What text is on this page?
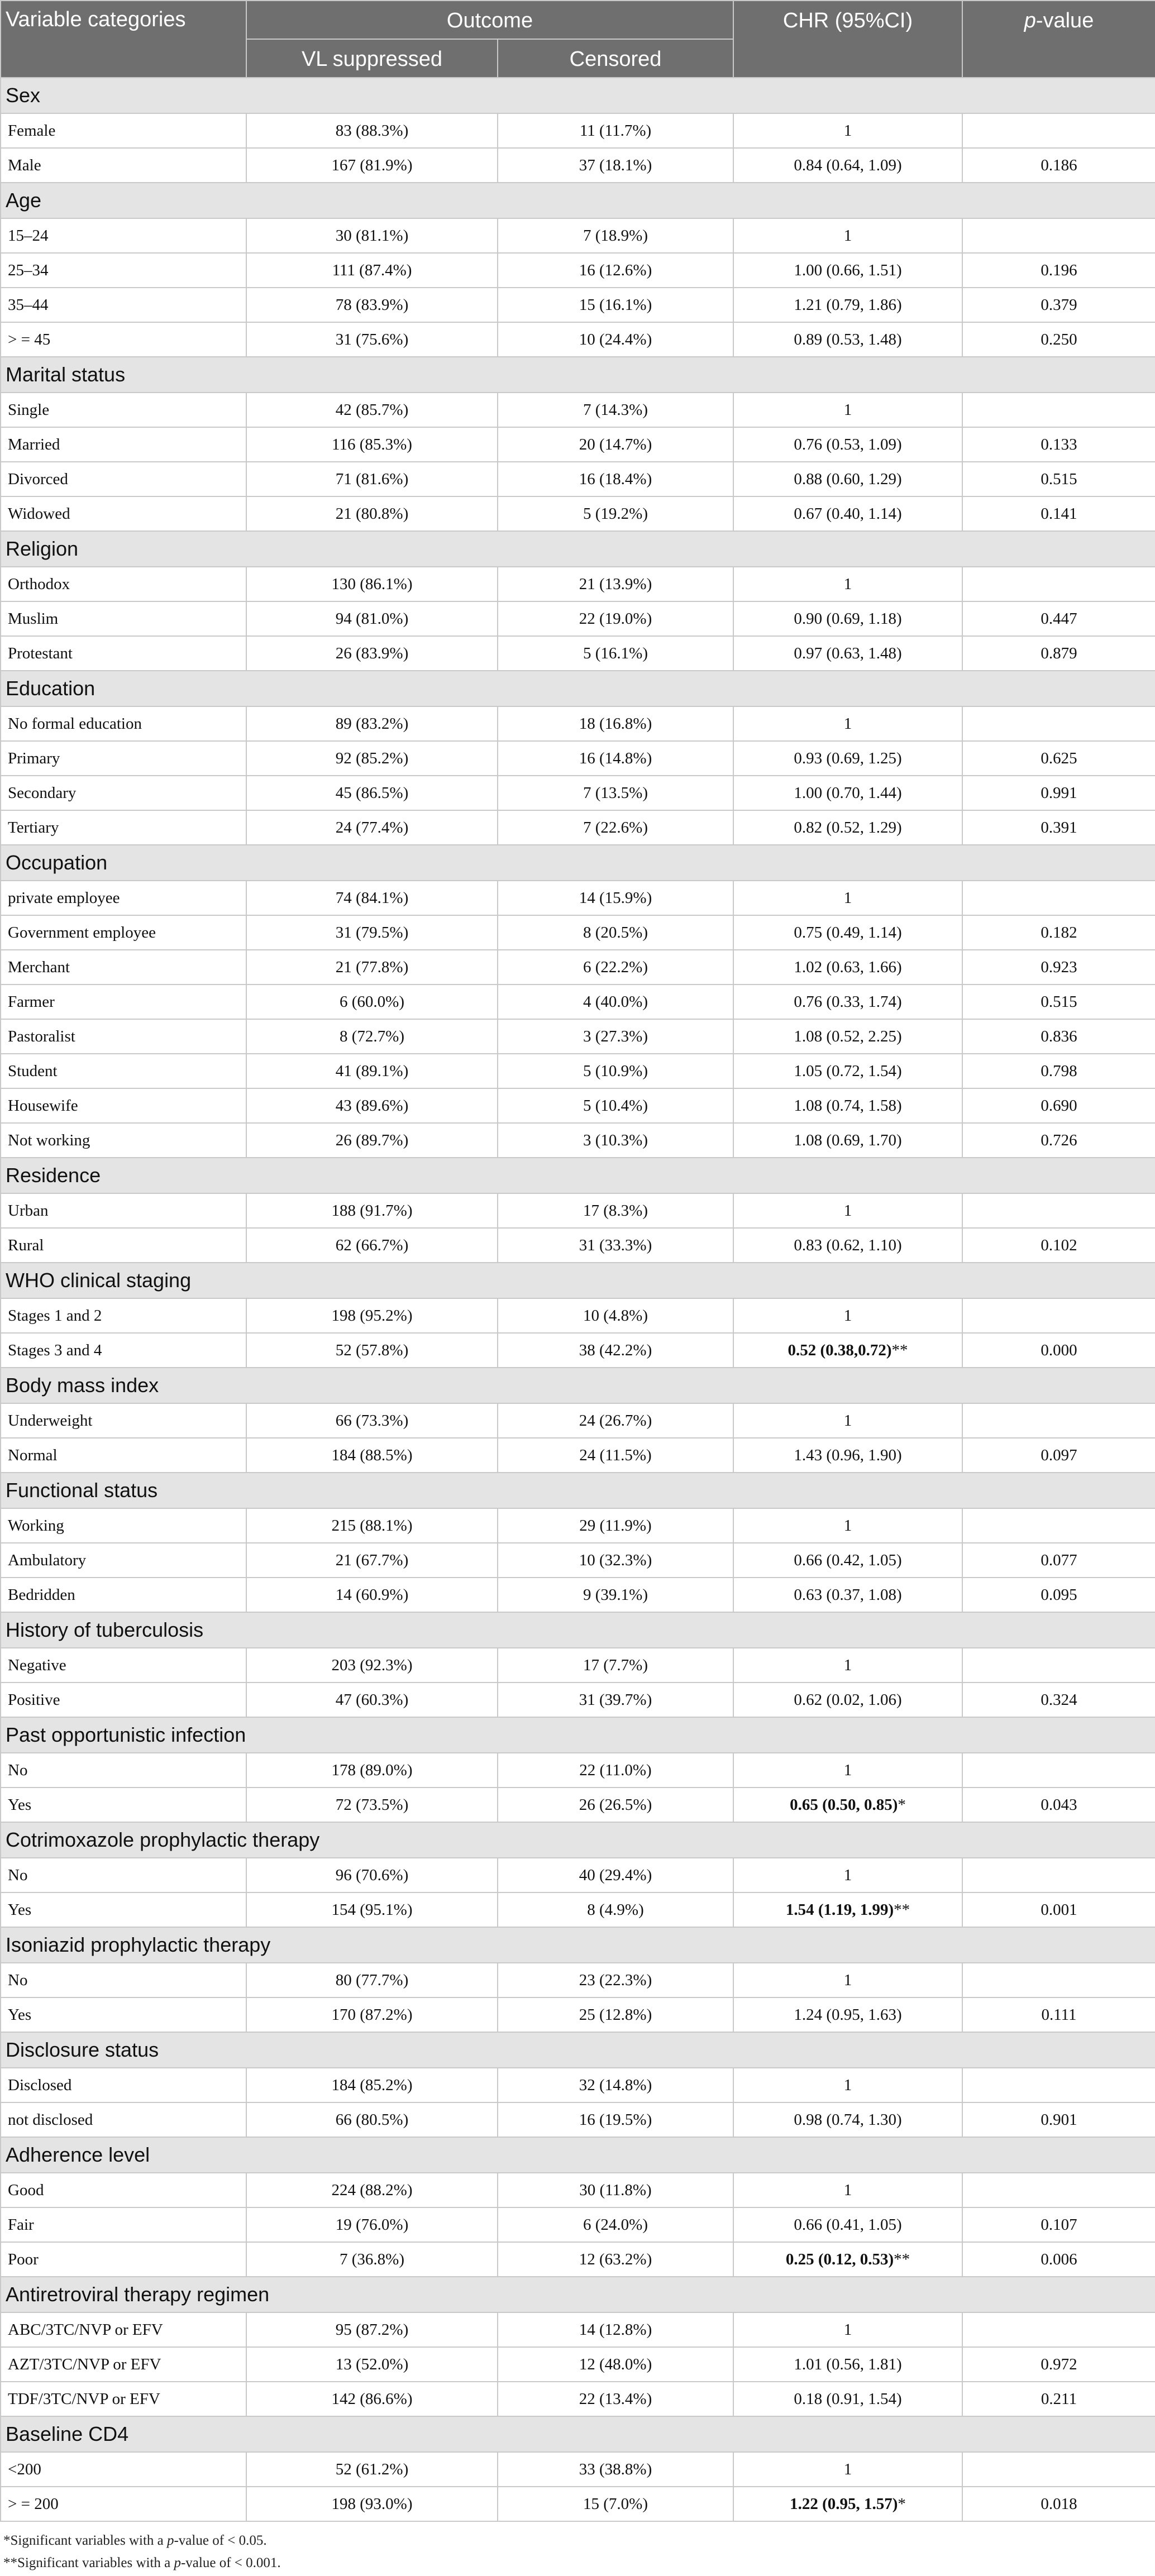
Variable categories	Outcome		CHR (95%CI)	p-value
	VL suppressed	Censored		
Sex				
Female	83 (88.3%)	11 (11.7%)	1	
Male	167 (81.9%)	37 (18.1%)	0.84 (0.64, 1.09)	0.186
Age				
15–24	30 (81.1%)	7 (18.9%)	1	
25–34	111 (87.4%)	16 (12.6%)	1.00 (0.66, 1.51)	0.196
35–44	78 (83.9%)	15 (16.1%)	1.21 (0.79, 1.86)	0.379
> = 45	31 (75.6%)	10 (24.4%)	0.89 (0.53, 1.48)	0.250
Marital status				
Single	42 (85.7%)	7 (14.3%)	1	
Married	116 (85.3%)	20 (14.7%)	0.76 (0.53, 1.09)	0.133
Divorced	71 (81.6%)	16 (18.4%)	0.88 (0.60, 1.29)	0.515
Widowed	21 (80.8%)	5 (19.2%)	0.67 (0.40, 1.14)	0.141
Religion				
Orthodox	130 (86.1%)	21 (13.9%)	1	
Muslim	94 (81.0%)	22 (19.0%)	0.90 (0.69, 1.18)	0.447
Protestant	26 (83.9%)	5 (16.1%)	0.97 (0.63, 1.48)	0.879
Education				
No formal education	89 (83.2%)	18 (16.8%)	1	
Primary	92 (85.2%)	16 (14.8%)	0.93 (0.69, 1.25)	0.625
Secondary	45 (86.5%)	7 (13.5%)	1.00 (0.70, 1.44)	0.991
Tertiary	24 (77.4%)	7 (22.6%)	0.82 (0.52, 1.29)	0.391
Occupation				
private employee	74 (84.1%)	14 (15.9%)	1	
Government employee	31 (79.5%)	8 (20.5%)	0.75 (0.49, 1.14)	0.182
Merchant	21 (77.8%)	6 (22.2%)	1.02 (0.63, 1.66)	0.923
Farmer	6 (60.0%)	4 (40.0%)	0.76 (0.33, 1.74)	0.515
Pastoralist	8 (72.7%)	3 (27.3%)	1.08 (0.52, 2.25)	0.836
Student	41 (89.1%)	5 (10.9%)	1.05 (0.72, 1.54)	0.798
Housewife	43 (89.6%)	5 (10.4%)	1.08 (0.74, 1.58)	0.690
Not working	26 (89.7%)	3 (10.3%)	1.08 (0.69, 1.70)	0.726
Residence				
Urban	188 (91.7%)	17 (8.3%)	1	
Rural	62 (66.7%)	31 (33.3%)	0.83 (0.62, 1.10)	0.102
WHO clinical staging				
Stages 1 and 2	198 (95.2%)	10 (4.8%)	1	
Stages 3 and 4	52 (57.8%)	38 (42.2%)	0.52 (0.38,0.72)**	0.000
Body mass index				
Underweight	66 (73.3%)	24 (26.7%)	1	
Normal	184 (88.5%)	24 (11.5%)	1.43 (0.96, 1.90)	0.097
Functional status				
Working	215 (88.1%)	29 (11.9%)	1	
Ambulatory	21 (67.7%)	10 (32.3%)	0.66 (0.42, 1.05)	0.077
Bedridden	14 (60.9%)	9 (39.1%)	0.63 (0.37, 1.08)	0.095
History of tuberculosis				
Negative	203 (92.3%)	17 (7.7%)	1	
Positive	47 (60.3%)	31 (39.7%)	0.62 (0.02, 1.06)	0.324
Past opportunistic infection				
No	178 (89.0%)	22 (11.0%)	1	
Yes	72 (73.5%)	26 (26.5%)	0.65 (0.50, 0.85)*	0.043
Cotrimoxazole prophylactic therapy				
No	96 (70.6%)	40 (29.4%)	1	
Yes	154 (95.1%)	8 (4.9%)	1.54 (1.19, 1.99)**	0.001
Isoniazid prophylactic therapy				
No	80 (77.7%)	23 (22.3%)	1	
Yes	170 (87.2%)	25 (12.8%)	1.24 (0.95, 1.63)	0.111
Disclosure status				
Disclosed	184 (85.2%)	32 (14.8%)	1	
not disclosed	66 (80.5%)	16 (19.5%)	0.98 (0.74, 1.30)	0.901
Adherence level				
Good	224 (88.2%)	30 (11.8%)	1	
Fair	19 (76.0%)	6 (24.0%)	0.66 (0.41, 1.05)	0.107
Poor	7 (36.8%)	12 (63.2%)	0.25 (0.12, 0.53)**	0.006
Antiretroviral therapy regimen				
ABC/3TC/NVP or EFV	95 (87.2%)	14 (12.8%)	1	
AZT/3TC/NVP or EFV	13 (52.0%)	12 (48.0%)	1.01 (0.56, 1.81)	0.972
TDF/3TC/NVP or EFV	142 (86.6%)	22 (13.4%)	0.18 (0.91, 1.54)	0.211
Baseline CD4				
<200	52 (61.2%)	33 (38.8%)	1	
> = 200	198 (93.0%)	15 (7.0%)	1.22 (0.95, 1.57)*	0.018

*Significant variables with a p-value of < 0.05.

**Significant variables with a p-value of < 0.001.
